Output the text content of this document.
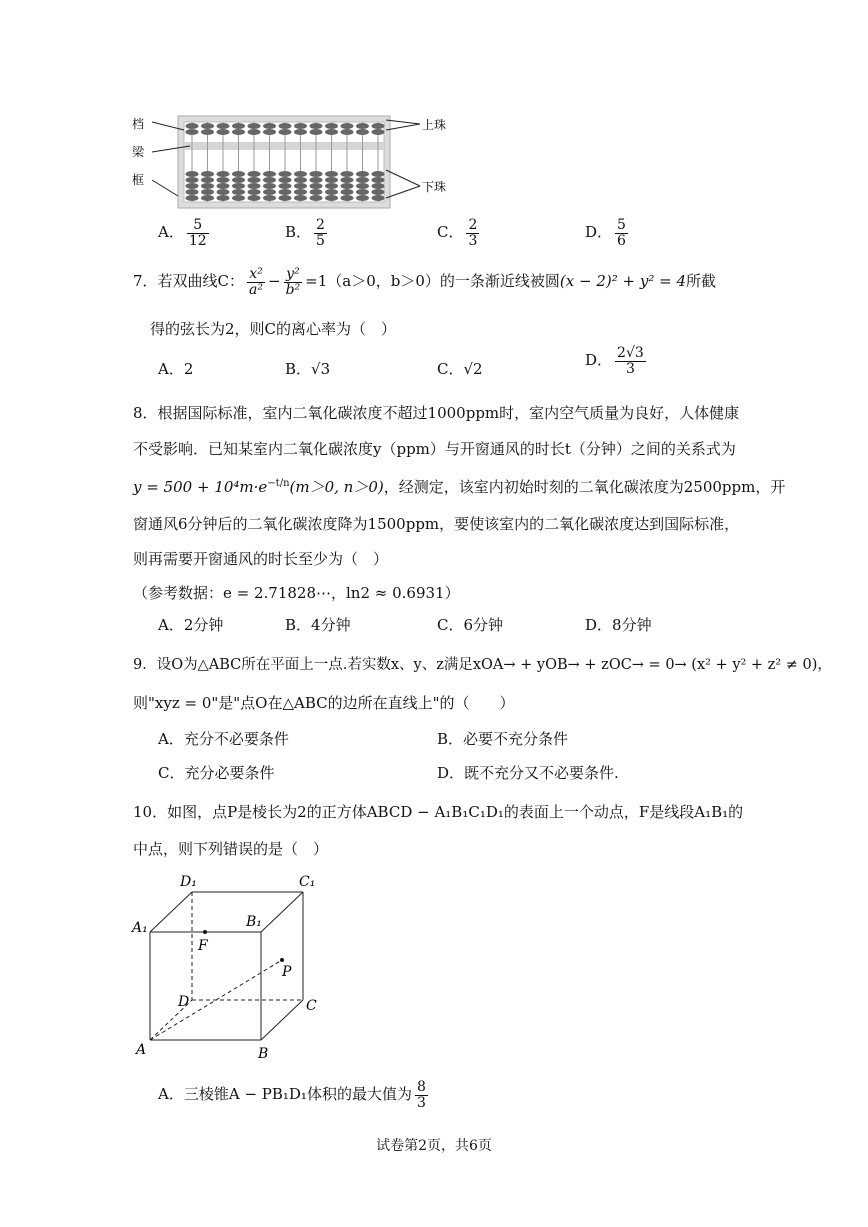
档
梁
框
上珠
下珠
A． $\frac{5}{12}$	B． $\frac{2}{5}$	C． $\frac{2}{3}$	D． $\frac{5}{6}$
7．若双曲线C： $\frac{\text{x²}}{\text{a²}} - \frac{\text{y²}}{\text{b²}} =1(a>0$，b＞0）的一条渐近线被圆(x − 2)² + y² = 4所截
得的弦长为2，则C的离心率为（　）
A．2	B．√3	C．√2	D． $\frac{2√3}{3}$
8．根据国际标准，室内二氧化碳浓度不超过1000ppm时，室内空气质量为良好，人体健康
不受影响．已知某室内二氧化碳浓度y（ppm）与开窗通风的时长t（分钟）之间的关系式为
$y = 500 + 10^4m\cdot e^{-t/n}(m>0$, n＞0)，经测定，该室内初始时刻的二氧化碳浓度为2500ppm，开
窗通风6分钟后的二氧化碳浓度降为1500ppm，要使该室内的二氧化碳浓度达到国际标准，
则再需要开窗通风的时长至少为（　）
（参考数据：e = 2.71828⋯，ln2 ≈ 0.6931）
A．2分钟	B．4分钟	C．6分钟	D．8分钟
9．设O为△ABC所在平面上一点.若实数x、y、z满足xOA→ + yOB→ + zOC→ = 0→ (x² + y² + z² ≠ 0)，
则"xyz = 0"是"点O在△ABC的边所在直线上"的（　　）
A．充分不必要条件	B．必要不充分条件
C．充分必要条件	D．既不充分又不必要条件.
10．如图，点P是棱长为2的正方体ABCD − A₁B₁C₁D₁的表面上一个动点，F是线段A₁B₁的
中点，则下列错误的是（　）
D₁	C₁
A₁	B₁
F
P
D	C
A	B
A．三棱锥A − PB₁D₁体积的最大值为 $\frac{8}{3}$
试卷第2页，共6页
